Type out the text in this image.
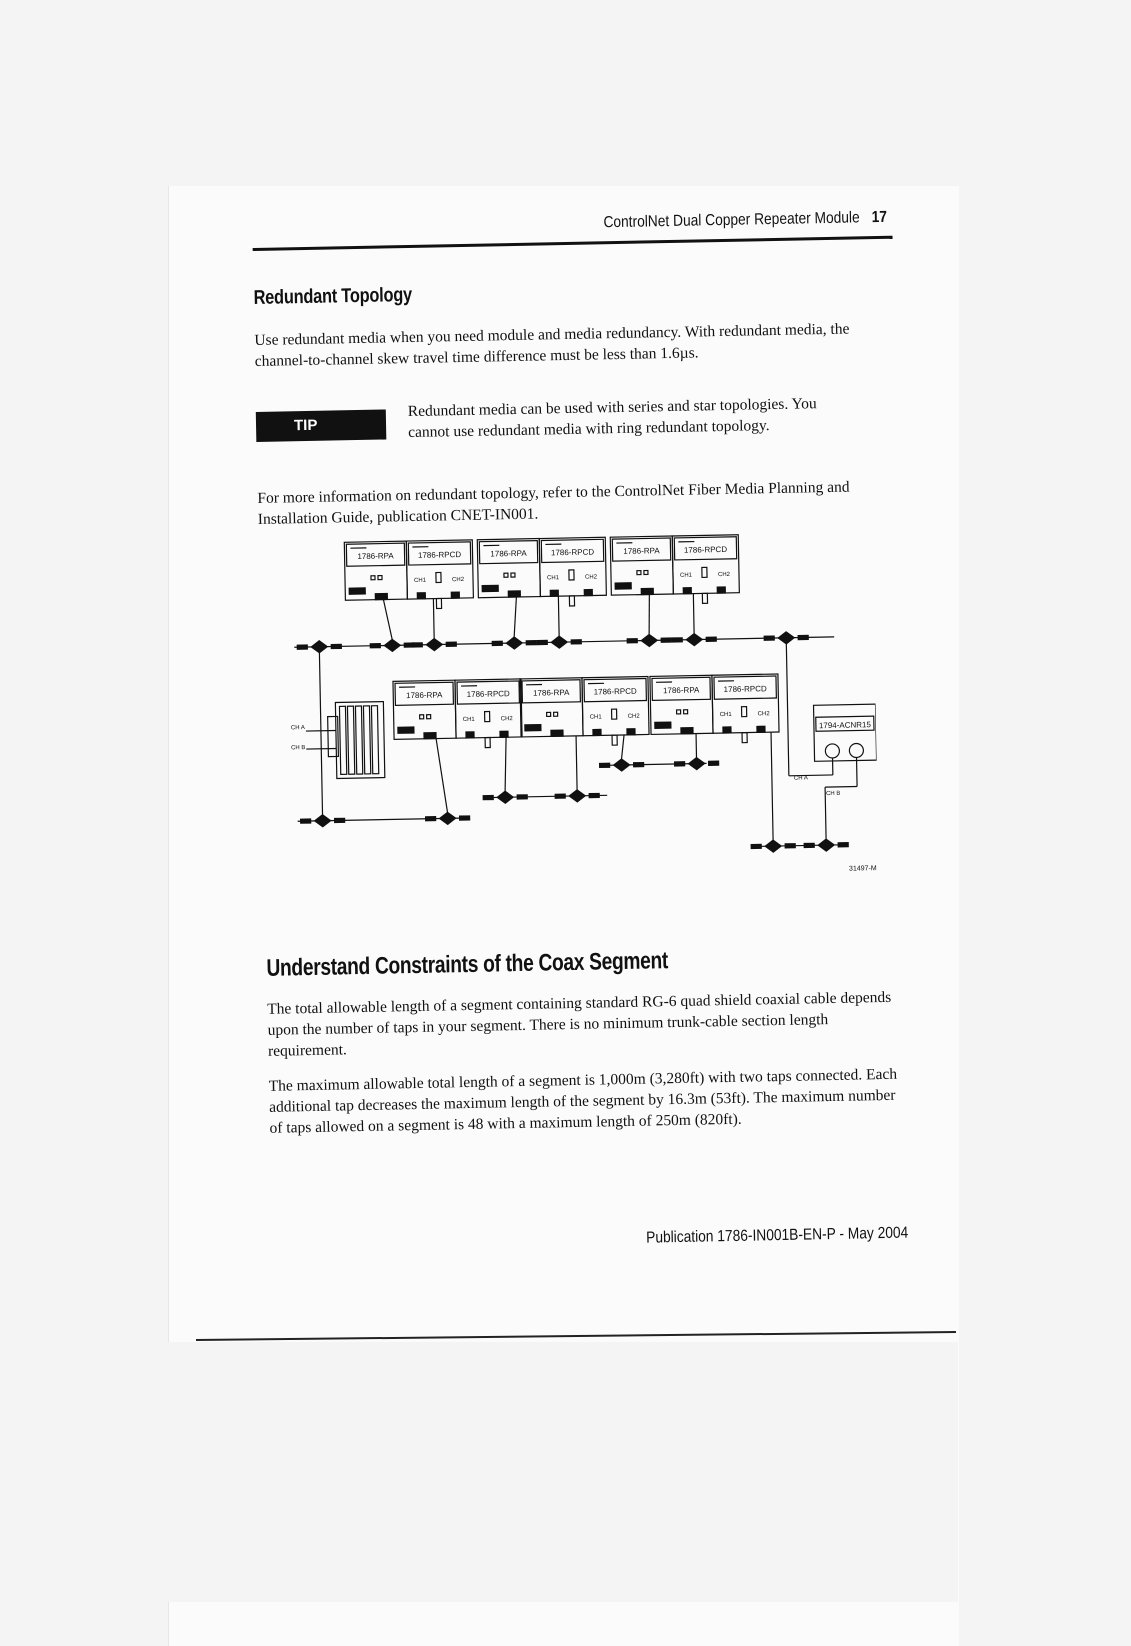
ControlNet Dual Copper Repeater Module 17
Redundant Topology

Use redundant media when you need module and media redundancy. With redundant media, the channel-to-channel skew travel time difference must be less than 1.6µs.

TIP
Redundant media can be used with series and star topologies. You cannot use redundant media with ring redundant topology.

For more information on redundant topology, refer to the ControlNet Fiber Media Planning and Installation Guide, publication CNET-IN001.

1786-RPA	1786-RPCD
CH1	CH2
1786-RPA	1786-RPCD
CH1	CH2
1786-RPA	1786-RPCD
CH1	CH2
1786-RPA	1786-RPCD
CH1	CH2
1786-RPA	1786-RPCD
CH1	CH2
1786-RPA	1786-RPCD
CH1	CH2
CH A
CH B
1794-ACNR15
CH A
CH B
31497-M
Understand Constraints of the Coax Segment

The total allowable length of a segment containing standard RG-6 quad shield coaxial cable depends upon the number of taps in your segment. There is no minimum trunk-cable section length requirement.

The maximum allowable total length of a segment is 1,000m (3,280ft) with two taps connected. Each additional tap decreases the maximum length of the segment by 16.3m (53ft). The maximum number of taps allowed on a segment is 48 with a maximum length of 250m (820ft).

Publication 1786-IN001B-EN-P - May 2004
